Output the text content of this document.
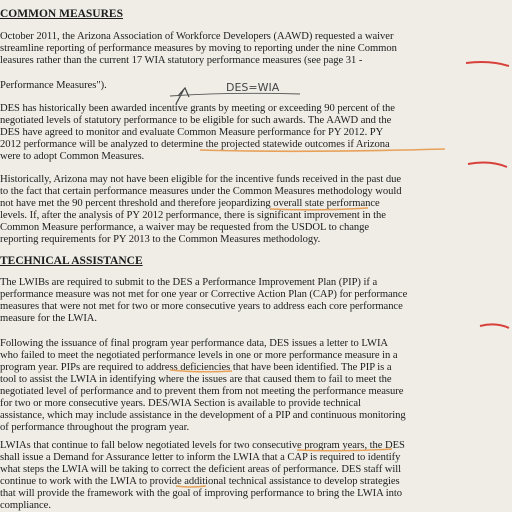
COMMON MEASURES

October 2011, the Arizona Association of Workforce Developers (AAWD) requested a waiver

streamline reporting of performance measures by moving to reporting under the nine Common

leasures rather than the current 17 WIA statutory performance measures (see page 31 -

Performance Measures").

DES has historically been awarded incentive grants by meeting or exceeding 90 percent of the

negotiated levels of statutory performance to be eligible for such awards. The AAWD and the

DES have agreed to monitor and evaluate Common Measure performance for PY 2012. PY

2012 performance will be analyzed to determine the projected statewide outcomes if Arizona

were to adopt Common Measures.

Historically, Arizona may not have been eligible for the incentive funds received in the past due

to the fact that certain performance measures under the Common Measures methodology would

not have met the 90 percent threshold and therefore jeopardizing overall state performance

levels. If, after the analysis of PY 2012 performance, there is significant improvement in the

Common Measure performance, a waiver may be requested from the USDOL to change

reporting requirements for PY 2013 to the Common Measures methodology.

TECHNICAL ASSISTANCE

The LWIBs are required to submit to the DES a Performance Improvement Plan (PIP) if a

performance measure was not met for one year or Corrective Action Plan (CAP) for performance

measures that were not met for two or more consecutive years to address each core performance

measure for the LWIA.

Following the issuance of final program year performance data, DES issues a letter to LWIA

who failed to meet the negotiated performance levels in one or more performance measure in a

program year. PIPs are required to address deficiencies that have been identified. The PIP is a

tool to assist the LWIA in identifying where the issues are that caused them to fail to meet the

negotiated level of performance and to prevent them from not meeting the performance measure

for two or more consecutive years. DES/WIA Section is available to provide technical

assistance, which may include assistance in the development of a PIP and continuous monitoring

of performance throughout the program year.

LWIAs that continue to fall below negotiated levels for two consecutive program years, the DES

shall issue a Demand for Assurance letter to inform the LWIA that a CAP is required to identify

what steps the LWIA will be taking to correct the deficient areas of performance. DES staff will

continue to work with the LWIA to provide additional technical assistance to develop strategies

that will provide the framework with the goal of improving performance to bring the LWIA into

compliance.

DES=WIA
